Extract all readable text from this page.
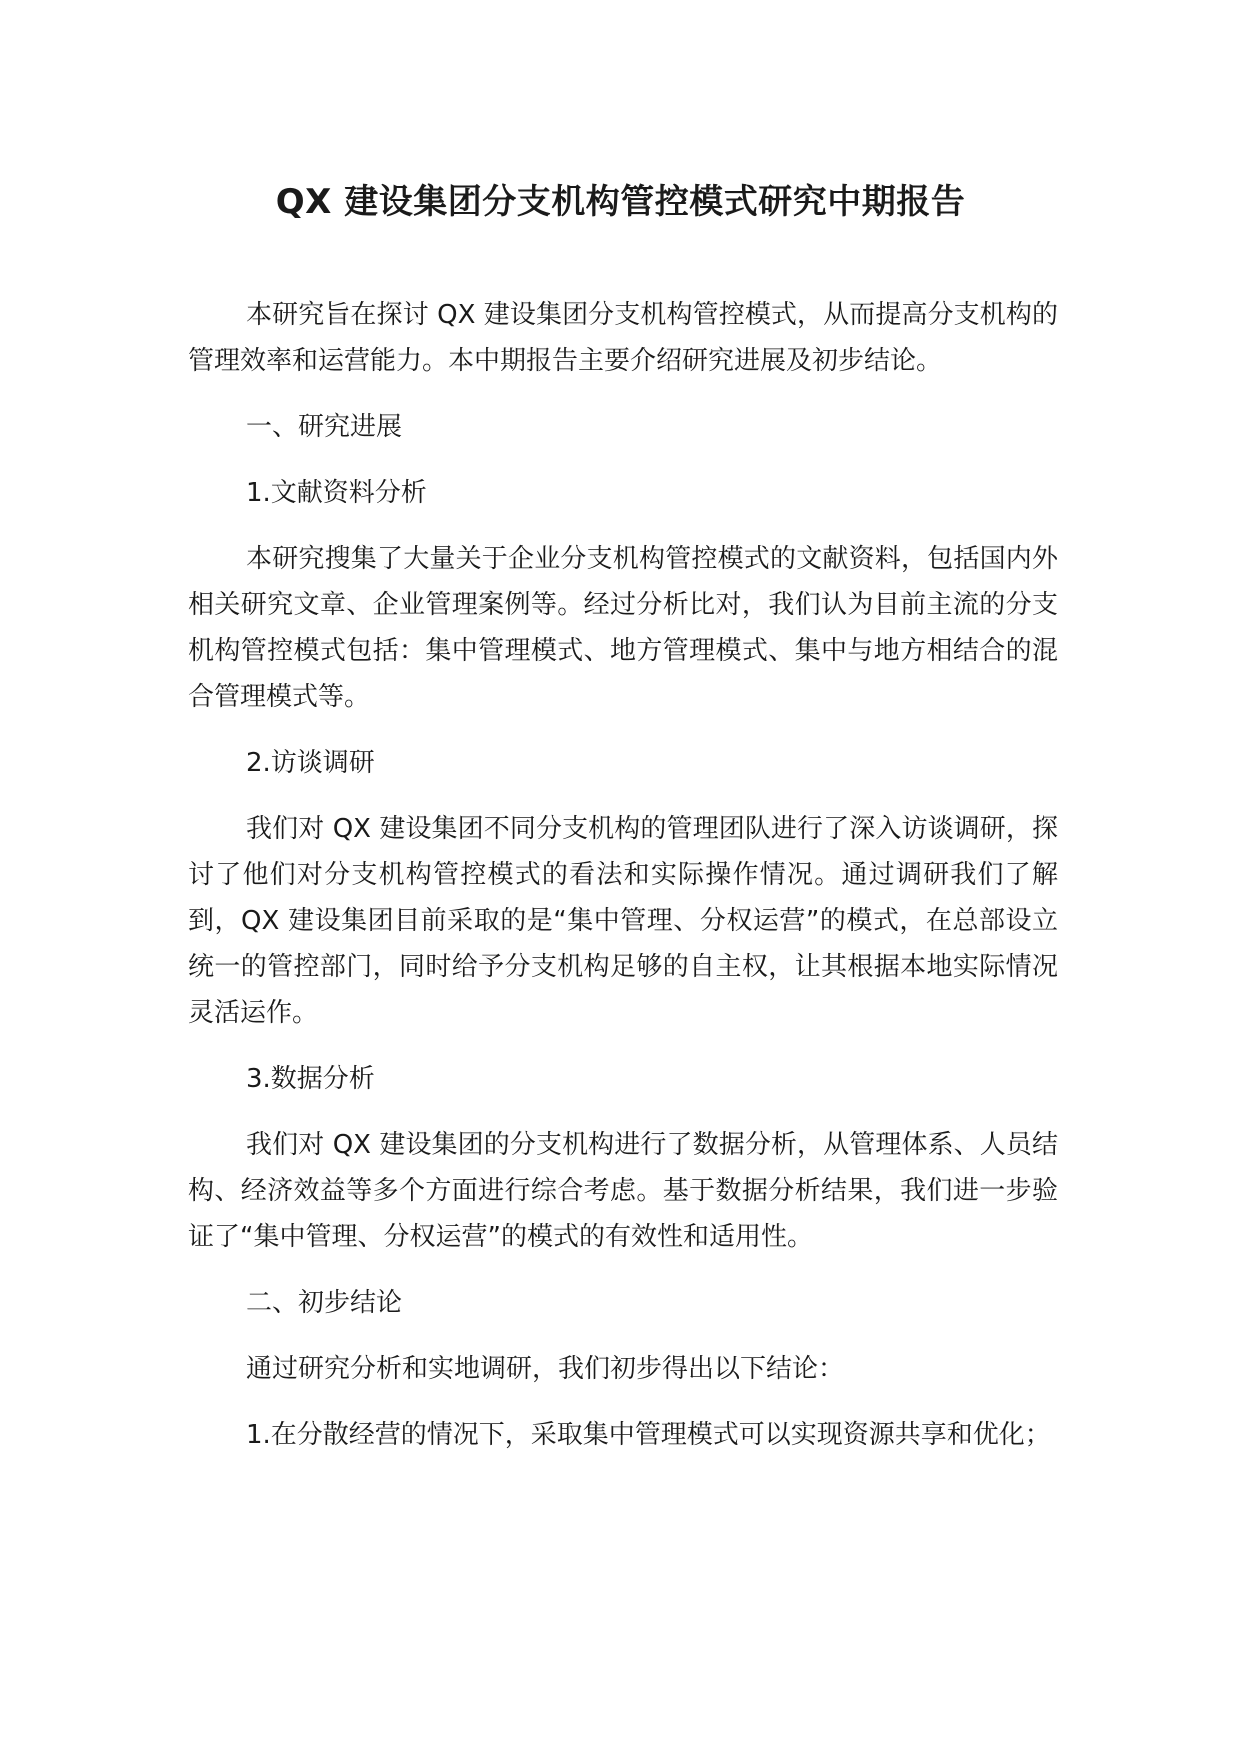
QX 建设集团分支机构管控模式研究中期报告

本研究旨在探讨 QX 建设集团分支机构管控模式，从而提高分支机构的管理效率和运营能力。本中期报告主要介绍研究进展及初步结论。

一、研究进展

1.文献资料分析

本研究搜集了大量关于企业分支机构管控模式的文献资料，包括国内外相关研究文章、企业管理案例等。经过分析比对，我们认为目前主流的分支机构管控模式包括：集中管理模式、地方管理模式、集中与地方相结合的混合管理模式等。

2.访谈调研

我们对 QX 建设集团不同分支机构的管理团队进行了深入访谈调研，探讨了他们对分支机构管控模式的看法和实际操作情况。通过调研我们了解到，QX 建设集团目前采取的是“集中管理、分权运营”的模式，在总部设立统一的管控部门，同时给予分支机构足够的自主权，让其根据本地实际情况灵活运作。

3.数据分析

我们对 QX 建设集团的分支机构进行了数据分析，从管理体系、人员结构、经济效益等多个方面进行综合考虑。基于数据分析结果，我们进一步验证了“集中管理、分权运营”的模式的有效性和适用性。

二、初步结论

通过研究分析和实地调研，我们初步得出以下结论：

1.在分散经营的情况下，采取集中管理模式可以实现资源共享和优化；
